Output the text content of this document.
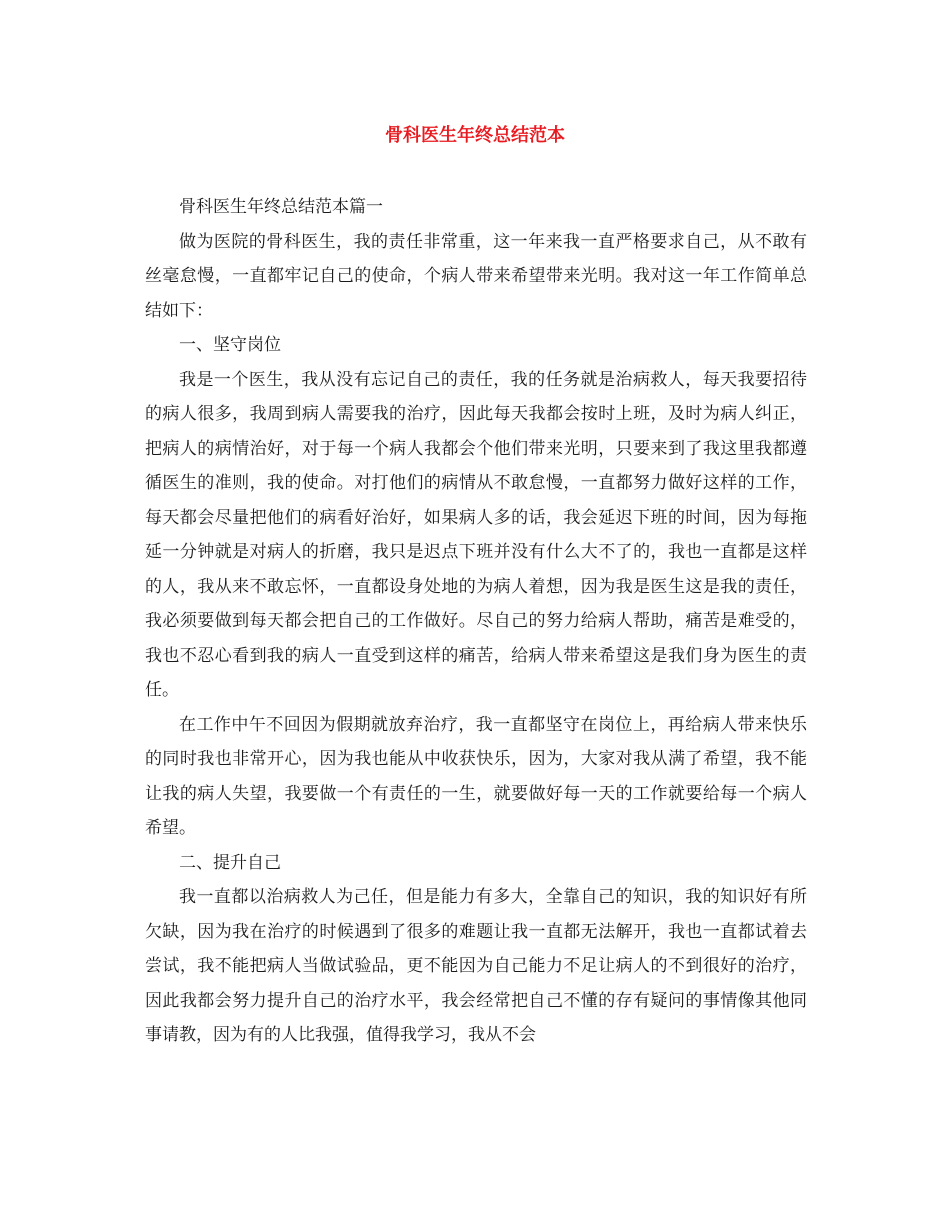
骨科医生年终总结范本

骨科医生年终总结范本篇一

做为医院的骨科医生，我的责任非常重，这一年来我一直严格要求自己，从不敢有丝毫怠慢，一直都牢记自己的使命，个病人带来希望带来光明。我对这一年工作简单总结如下：

一、坚守岗位

我是一个医生，我从没有忘记自己的责任，我的任务就是治病救人，每天我要招待的病人很多，我周到病人需要我的治疗，因此每天我都会按时上班，及时为病人纠正，把病人的病情治好，对于每一个病人我都会个他们带来光明，只要来到了我这里我都遵循医生的准则，我的使命。对打他们的病情从不敢怠慢，一直都努力做好这样的工作，每天都会尽量把他们的病看好治好，如果病人多的话，我会延迟下班的时间，因为每拖延一分钟就是对病人的折磨，我只是迟点下班并没有什么大不了的，我也一直都是这样的人，我从来不敢忘怀，一直都设身处地的为病人着想，因为我是医生这是我的责任，我必须要做到每天都会把自己的工作做好。尽自己的努力给病人帮助，痛苦是难受的，我也不忍心看到我的病人一直受到这样的痛苦，给病人带来希望这是我们身为医生的责任。

在工作中午不回因为假期就放弃治疗，我一直都坚守在岗位上，再给病人带来快乐的同时我也非常开心，因为我也能从中收获快乐，因为，大家对我从满了希望，我不能让我的病人失望，我要做一个有责任的一生，就要做好每一天的工作就要给每一个病人希望。

二、提升自己

我一直都以治病救人为己任，但是能力有多大，全靠自己的知识，我的知识好有所欠缺，因为我在治疗的时候遇到了很多的难题让我一直都无法解开，我也一直都试着去尝试，我不能把病人当做试验品，更不能因为自己能力不足让病人的不到很好的治疗，因此我都会努力提升自己的治疗水平，我会经常把自己不懂的存有疑问的事情像其他同事请教，因为有的人比我强，值得我学习，我从不会
